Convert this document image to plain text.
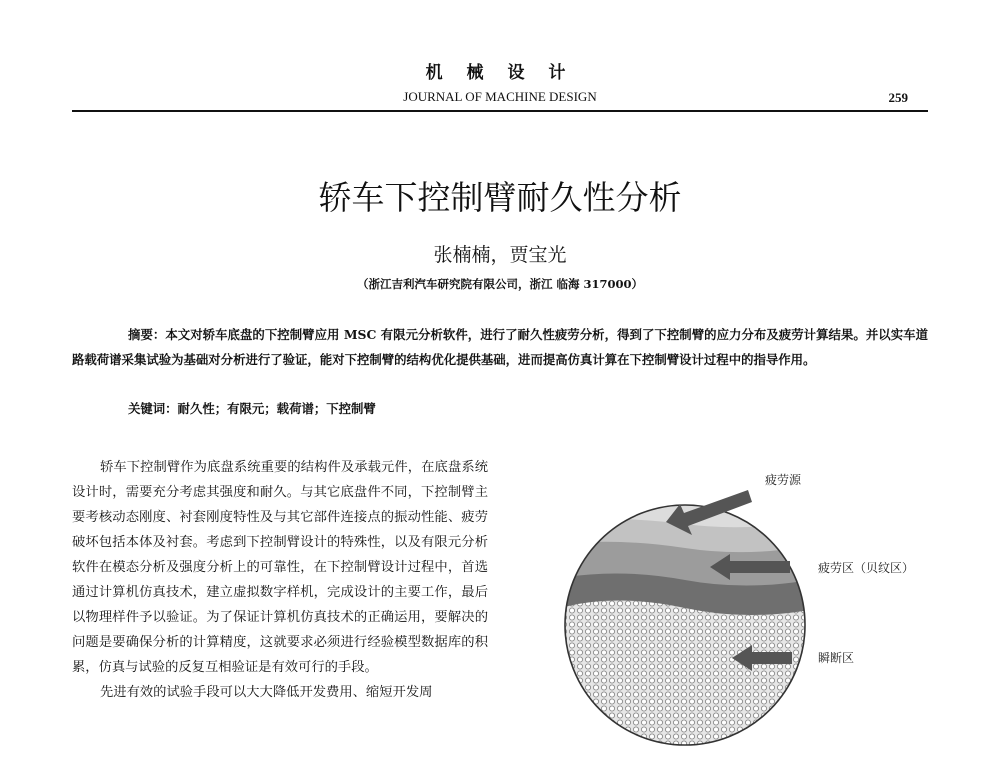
机 械 设 计
JOURNAL OF MACHINE DESIGN	259
轿车下控制臂耐久性分析
张楠楠，贾宝光
（浙江吉利汽车研究院有限公司，浙江 临海 317000）
摘要：本文对轿车底盘的下控制臂应用 MSC 有限元分析软件，进行了耐久性疲劳分析，得到了下控制臂的应力分布及疲劳计算结果。并以实车道路载荷谱采集试验为基础对分析进行了验证，能对下控制臂的结构优化提供基础，进而提高仿真计算在下控制臂设计过程中的指导作用。
关键词：耐久性；有限元；载荷谱；下控制臂

轿车下控制臂作为底盘系统重要的结构件及承载元件，在底盘系统设计时，需要充分考虑其强度和耐久。与其它底盘件不同，下控制臂主要考核动态刚度、衬套刚度特性及与其它部件连接点的振动性能、疲劳破坏包括本体及衬套。考虑到下控制臂设计的特殊性，以及有限元分析软件在模态分析及强度分析上的可靠性，在下控制臂设计过程中，首选通过计算机仿真技术，建立虚拟数字样机，完成设计的主要工作，最后以物理样件予以验证。为了保证计算机仿真技术的正确运用，要解决的问题是要确保分析的计算精度，这就要求必须进行经验模型数据库的积累，仿真与试验的反复互相验证是有效可行的手段。

先进有效的试验手段可以大大降低开发费用、缩短开发周

疲劳源
疲劳区（贝纹区）
瞬断区
